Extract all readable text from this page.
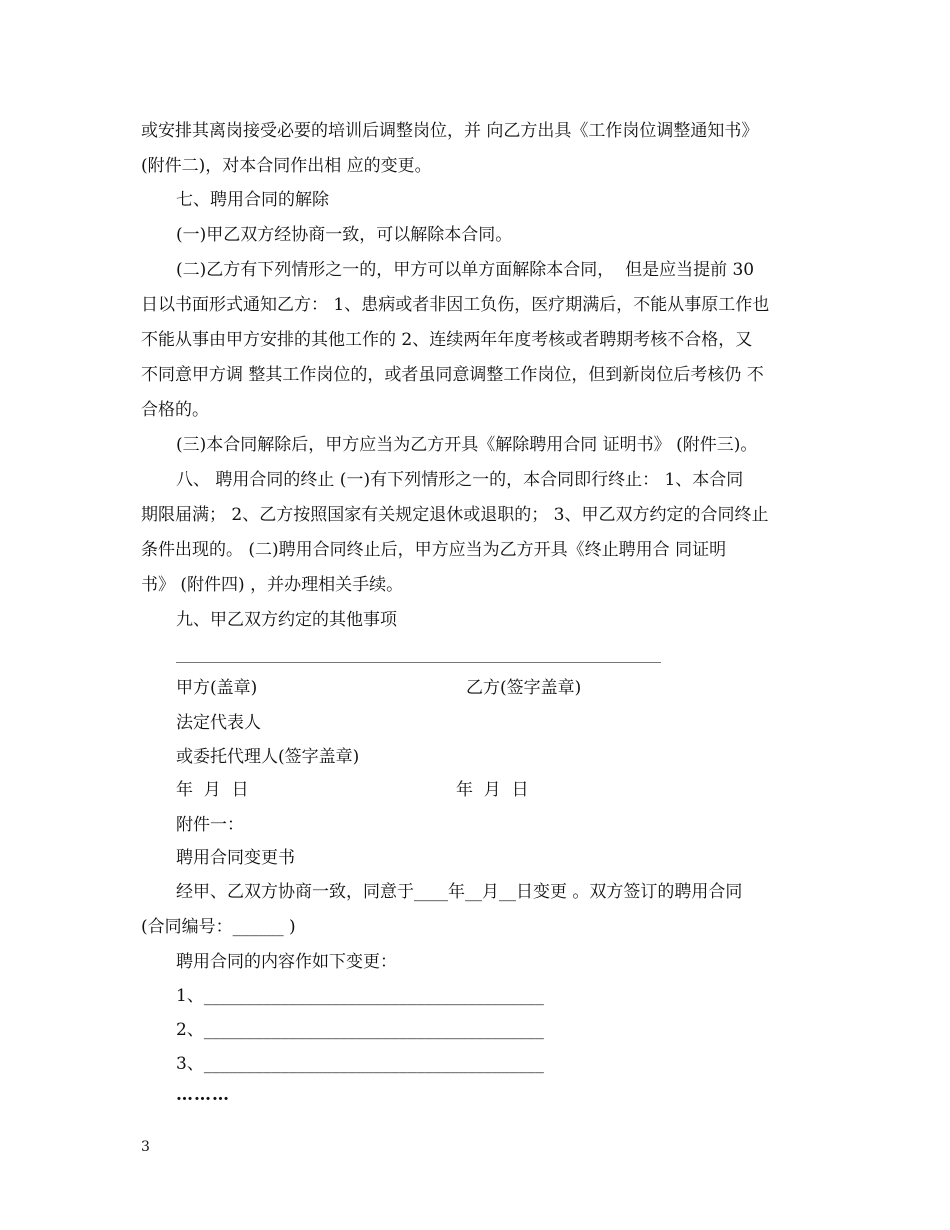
或安排其离岗接受必要的培训后调整岗位，并 向乙方出具《工作岗位调整通知书》
(附件二)，对本合同作出相 应的变更。
七、聘用合同的解除
(一)甲乙双方经协商一致，可以解除本合同。
(二)乙方有下列情形之一的，甲方可以单方面解除本合同，  但是应当提前 30
日以书面形式通知乙方： 1、患病或者非因工负伤，医疗期满后，不能从事原工作也
不能从事由甲方安排的其他工作的 2、连续两年年度考核或者聘期考核不合格，又
不同意甲方调 整其工作岗位的，或者虽同意调整工作岗位，但到新岗位后考核仍 不
合格的。
(三)本合同解除后，甲方应当为乙方开具《解除聘用合同 证明书》 (附件三)。
八、 聘用合同的终止 (一)有下列情形之一的，本合同即行终止： 1、本合同
期限届满； 2、乙方按照国家有关规定退休或退职的； 3、甲乙双方约定的合同终止
条件出现的。 (二)聘用合同终止后，甲方应当为乙方开具《终止聘用合 同证明
书》 (附件四) ，并办理相关手续。
九、甲乙双方约定的其他事项
甲方(盖章)	乙方(签字盖章)
法定代表人
或委托代理人(签字盖章)
年  月  日	年  月  日
附件一：
聘用合同变更书
经甲、乙双方协商一致，同意于____年__月__日变更 。双方签订的聘用合同
(合同编号：______ )
聘用合同的内容作如下变更：
1、________________________________________
2、________________________________________
3、________________________________________
………
3
